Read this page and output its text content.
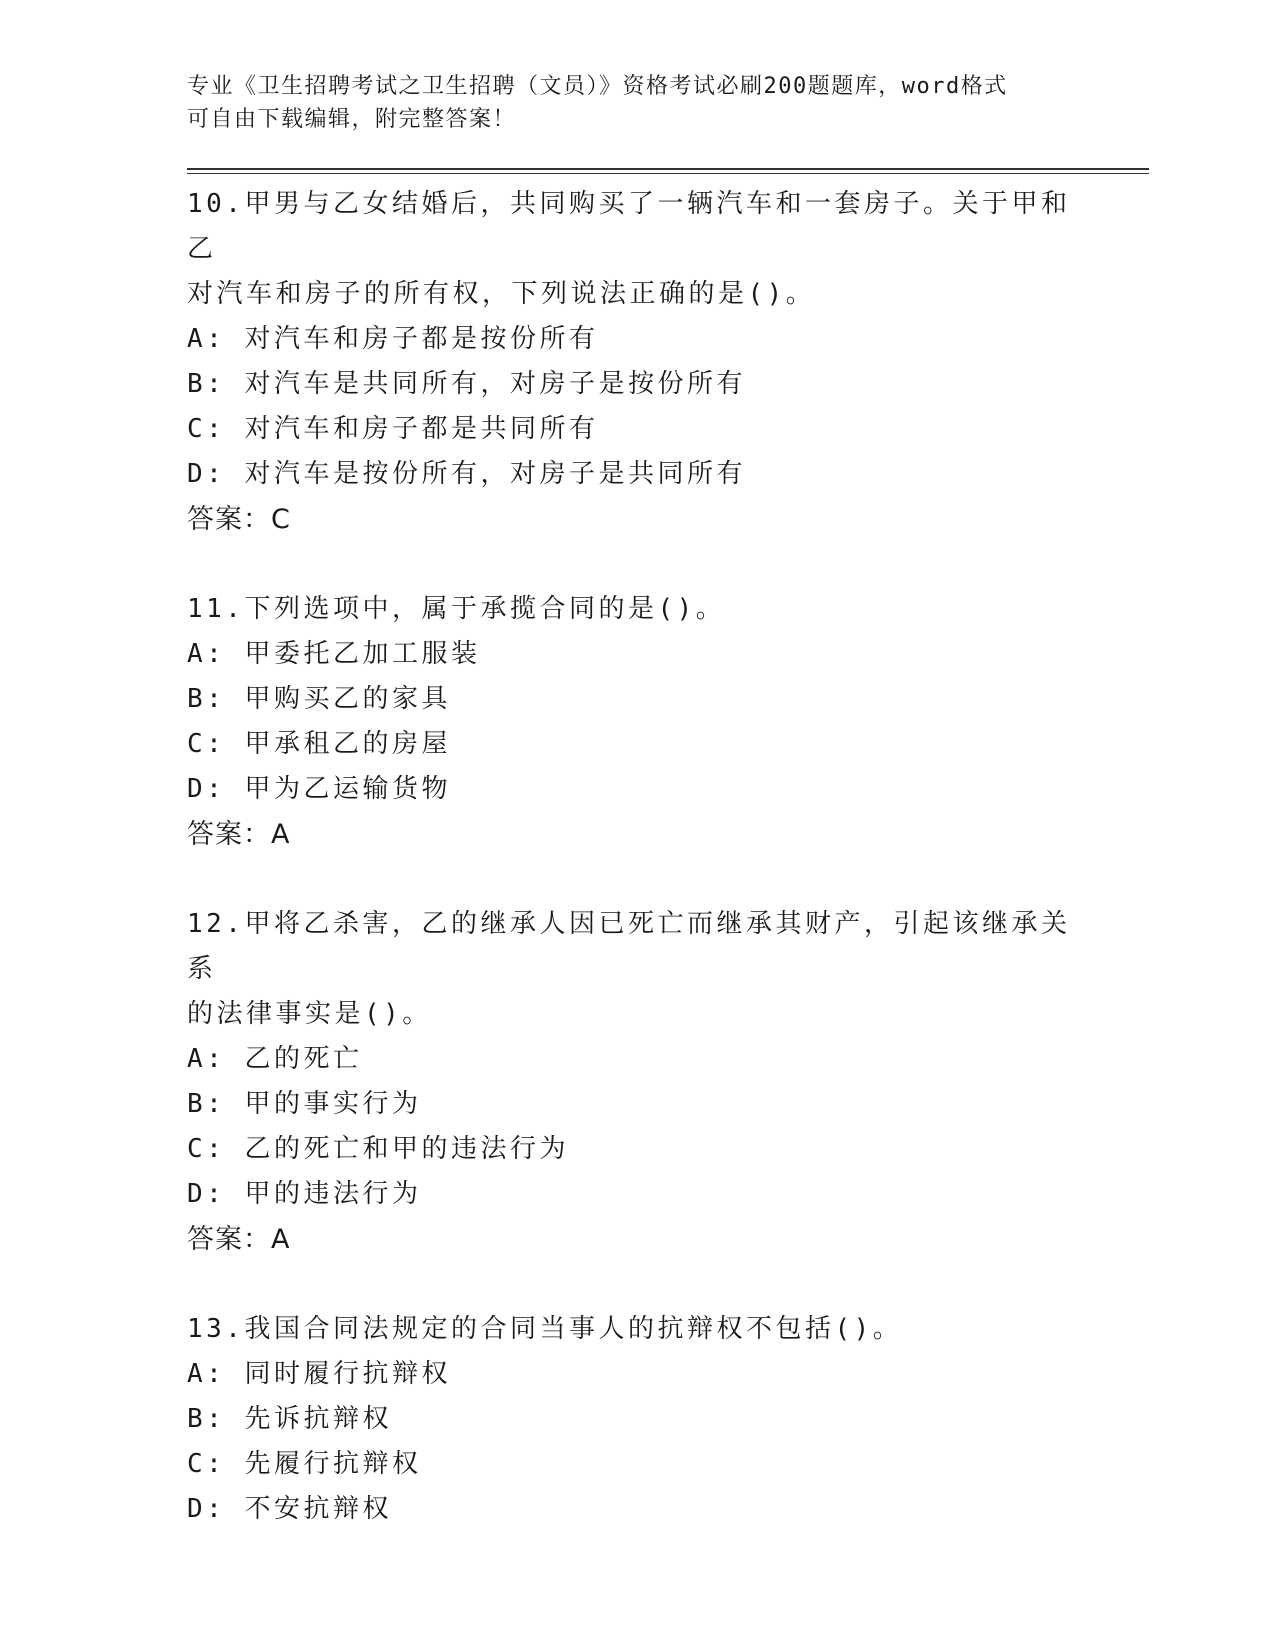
专业《卫生招聘考试之卫生招聘（文员）》资格考试必刷200题题库，word格式
可自由下载编辑，附完整答案！
10.甲男与乙女结婚后，共同购买了一辆汽车和一套房子。关于甲和乙
对汽车和房子的所有权，下列说法正确的是()。
A: 对汽车和房子都是按份所有
B: 对汽车是共同所有，对房子是按份所有
C: 对汽车和房子都是共同所有
D: 对汽车是按份所有，对房子是共同所有
答案：C
11.下列选项中，属于承揽合同的是()。
A: 甲委托乙加工服装
B: 甲购买乙的家具
C: 甲承租乙的房屋
D: 甲为乙运输货物
答案：A
12.甲将乙杀害，乙的继承人因已死亡而继承其财产，引起该继承关系
的法律事实是()。
A: 乙的死亡
B: 甲的事实行为
C: 乙的死亡和甲的违法行为
D: 甲的违法行为
答案：A
13.我国合同法规定的合同当事人的抗辩权不包括()。
A: 同时履行抗辩权
B: 先诉抗辩权
C: 先履行抗辩权
D: 不安抗辩权
